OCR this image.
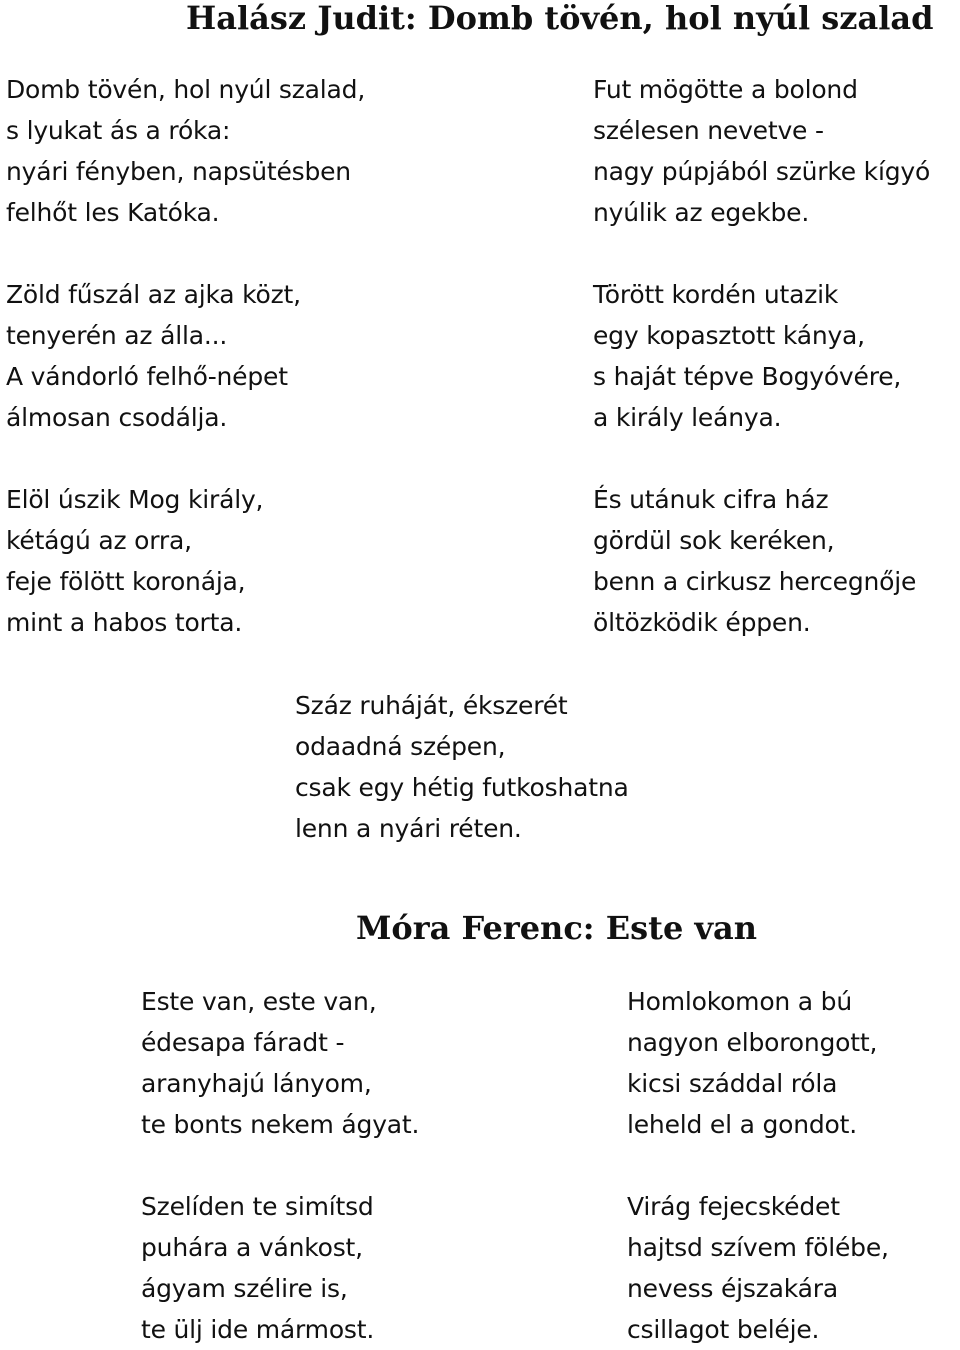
Halász Judit: Domb tövén, hol nyúl szalad
Domb tövén, hol nyúl szalad,
s lyukat ás a róka:
nyári fényben, napsütésben
felhőt les Katóka.
Zöld fűszál az ajka közt,
tenyerén az álla...
A vándorló felhő-népet
álmosan csodálja.
Elöl úszik Mog király,
kétágú az orra,
feje fölött koronája,
mint a habos torta.
Fut mögötte a bolond
szélesen nevetve -
nagy púpjából szürke kígyó
nyúlik az egekbe.
Törött kordén utazik
egy kopasztott kánya,
s haját tépve Bogyóvére,
a király leánya.
És utánuk cifra ház
gördül sok keréken,
benn a cirkusz hercegnője
öltözködik éppen.
Száz ruháját, ékszerét
odaadná szépen,
csak egy hétig futkoshatna
lenn a nyári réten.
Móra Ferenc: Este van
Este van, este van,
édesapa fáradt -
aranyhajú lányom,
te bonts nekem ágyat.
Szelíden te simítsd
puhára a vánkost,
ágyam szélire is,
te ülj ide mármost.
Homlokomon a bú
nagyon elborongott,
kicsi száddal róla
leheld el a gondot.
Virág fejecskédet
hajtsd szívem fölébe,
nevess éjszakára
csillagot beléje.
